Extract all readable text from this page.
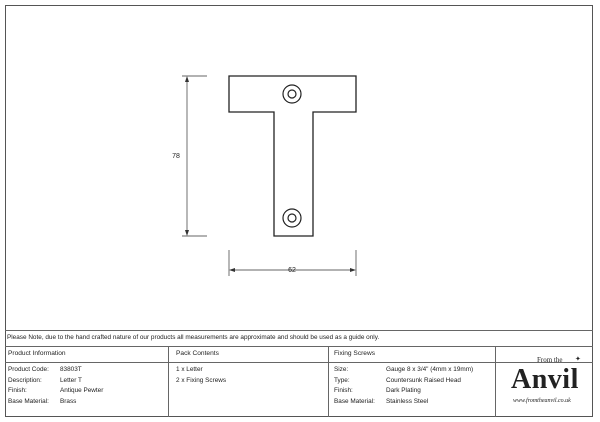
78
62
Please Note, due to the hand crafted nature of our products all measurements are approximate and should be used as a guide only.
Product Information
Product Code:	83803T
Description:	Letter T
Finish:	Antique Pewter
Base Material:	Brass
Pack Contents
1 x Letter
2 x Fixing Screws
Fixing Screws
Size:	Gauge 8 x 3/4" (4mm x 19mm)
Type:	Countersunk Raised Head
Finish:	Dark Plating
Base Material:	Stainless Steel
From the ✦
Anvil
www.fromtheanvil.co.uk
